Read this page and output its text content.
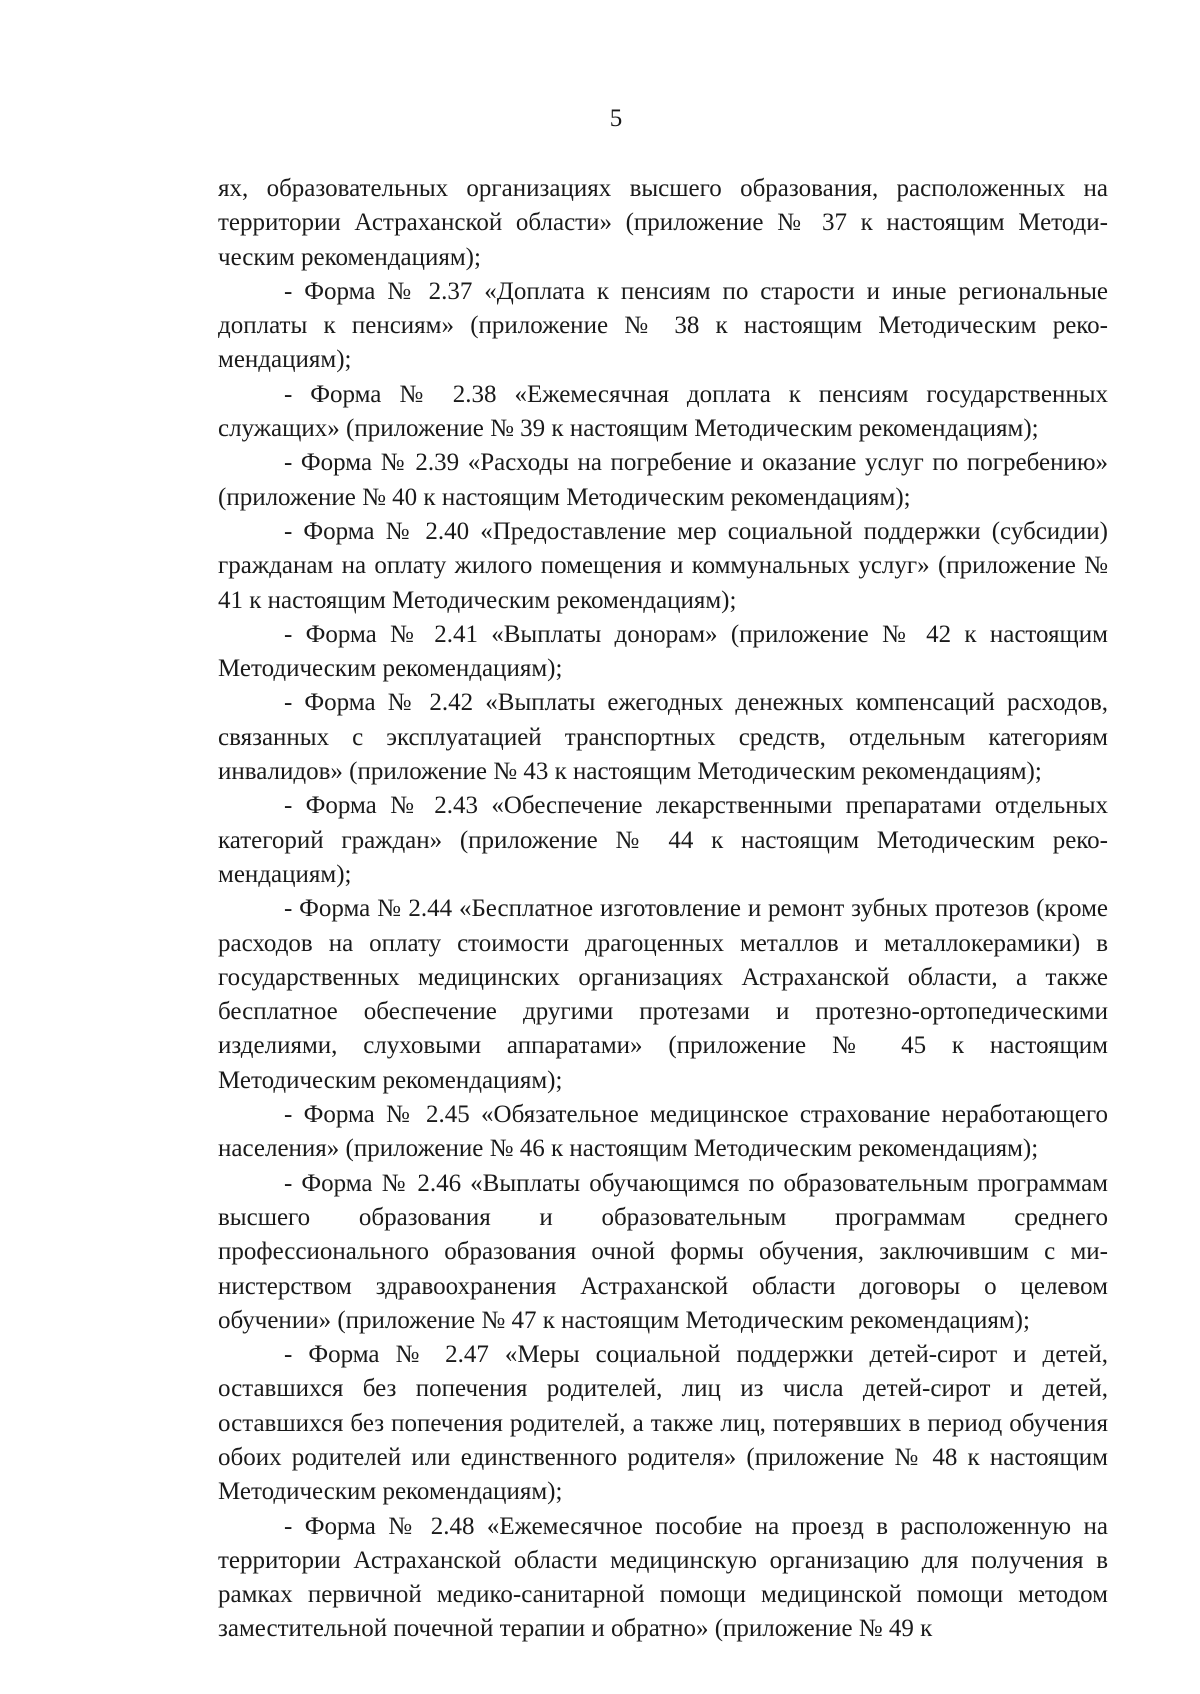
5

ях, образовательных организациях высшего образования, расположенных на территории Астраханской области» (приложение № 37 к настоящим Методическим рекомендациям);

- Форма № 2.37 «Доплата к пенсиям по старости и иные региональные доплаты к пенсиям» (приложение № 38 к настоящим Методическим рекомендациям);

- Форма № 2.38 «Ежемесячная доплата к пенсиям государственных служащих» (приложение № 39 к настоящим Методическим рекомендациям);

- Форма № 2.39 «Расходы на погребение и оказание услуг по погребению» (приложение № 40 к настоящим Методическим рекомендациям);

- Форма № 2.40 «Предоставление мер социальной поддержки (субсидии) гражданам на оплату жилого помещения и коммунальных услуг» (приложение № 41 к настоящим Методическим рекомендациям);

- Форма № 2.41 «Выплаты донорам» (приложение № 42 к настоящим Методическим рекомендациям);

- Форма № 2.42 «Выплаты ежегодных денежных компенсаций расходов, связанных с эксплуатацией транспортных средств, отдельным категориям инвалидов» (приложение № 43 к настоящим Методическим рекомендациям);

- Форма № 2.43 «Обеспечение лекарственными препаратами отдельных категорий граждан» (приложение № 44 к настоящим Методическим рекомендациям);

- Форма № 2.44 «Бесплатное изготовление и ремонт зубных протезов (кроме расходов на оплату стоимости драгоценных металлов и металлокерамики) в государственных медицинских организациях Астраханской области, а также бесплатное обеспечение другими протезами и протезно-ортопедическими изделиями, слуховыми аппаратами» (приложение № 45 к настоящим Методическим рекомендациям);

- Форма № 2.45 «Обязательное медицинское страхование неработающего населения» (приложение № 46 к настоящим Методическим рекомендациям);

- Форма № 2.46 «Выплаты обучающимся по образовательным программам высшего образования и образовательным программам среднего профессионального образования очной формы обучения, заключившим с министерством здравоохранения Астраханской области договоры о целевом обучении» (приложение № 47 к настоящим Методическим рекомендациям);

- Форма № 2.47 «Меры социальной поддержки детей-сирот и детей, оставшихся без попечения родителей, лиц из числа детей-сирот и детей, оставшихся без попечения родителей, а также лиц, потерявших в период обучения обоих родителей или единственного родителя» (приложение № 48 к настоящим Методическим рекомендациям);

- Форма № 2.48 «Ежемесячное пособие на проезд в расположенную на территории Астраханской области медицинскую организацию для получения в рамках первичной медико-санитарной помощи медицинской помощи методом заместительной почечной терапии и обратно» (приложение № 49 к
